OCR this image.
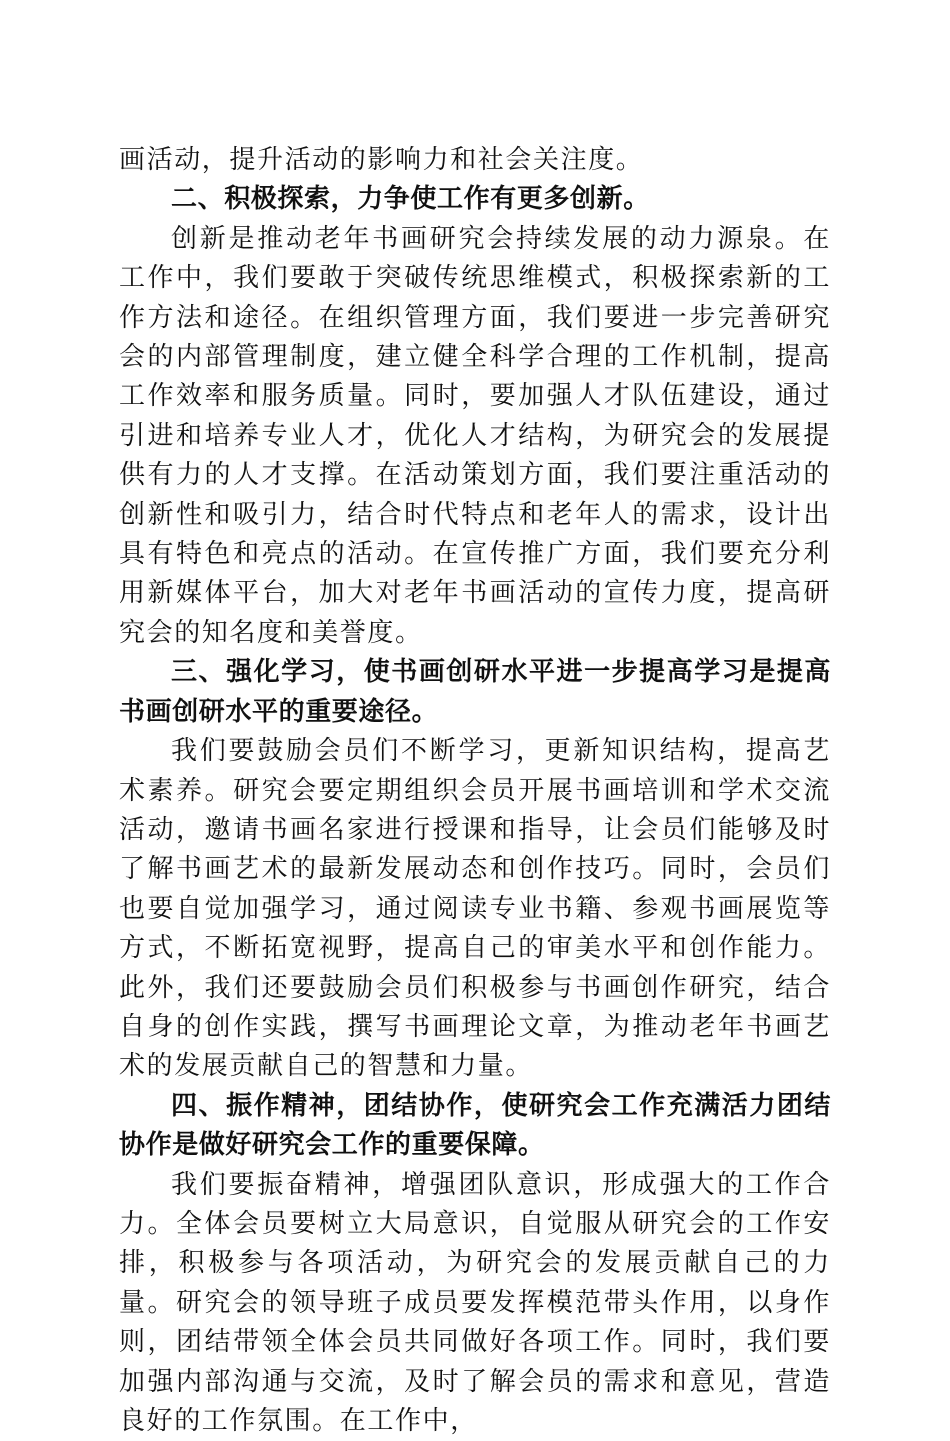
画活动，提升活动的影响力和社会关注度。

二、积极探索，力争使工作有更多创新。

创新是推动老年书画研究会持续发展的动力源泉。在工作中，我们要敢于突破传统思维模式，积极探索新的工作方法和途径。在组织管理方面，我们要进一步完善研究会的内部管理制度，建立健全科学合理的工作机制，提高工作效率和服务质量。同时，要加强人才队伍建设，通过引进和培养专业人才，优化人才结构，为研究会的发展提供有力的人才支撑。在活动策划方面，我们要注重活动的创新性和吸引力，结合时代特点和老年人的需求，设计出具有特色和亮点的活动。在宣传推广方面，我们要充分利用新媒体平台，加大对老年书画活动的宣传力度，提高研究会的知名度和美誉度。

三、强化学习，使书画创研水平进一步提高学习是提高书画创研水平的重要途径。

我们要鼓励会员们不断学习，更新知识结构，提高艺术素养。研究会要定期组织会员开展书画培训和学术交流活动，邀请书画名家进行授课和指导，让会员们能够及时了解书画艺术的最新发展动态和创作技巧。同时，会员们也要自觉加强学习，通过阅读专业书籍、参观书画展览等方式，不断拓宽视野，提高自己的审美水平和创作能力。此外，我们还要鼓励会员们积极参与书画创作研究，结合自身的创作实践，撰写书画理论文章，为推动老年书画艺术的发展贡献自己的智慧和力量。

四、振作精神，团结协作，使研究会工作充满活力团结协作是做好研究会工作的重要保障。

我们要振奋精神，增强团队意识，形成强大的工作合力。全体会员要树立大局意识，自觉服从研究会的工作安排，积极参与各项活动，为研究会的发展贡献自己的力量。研究会的领导班子成员要发挥模范带头作用，以身作则，团结带领全体会员共同做好各项工作。同时，我们要加强内部沟通与交流，及时了解会员的需求和意见，营造良好的工作氛围。在工作中，
